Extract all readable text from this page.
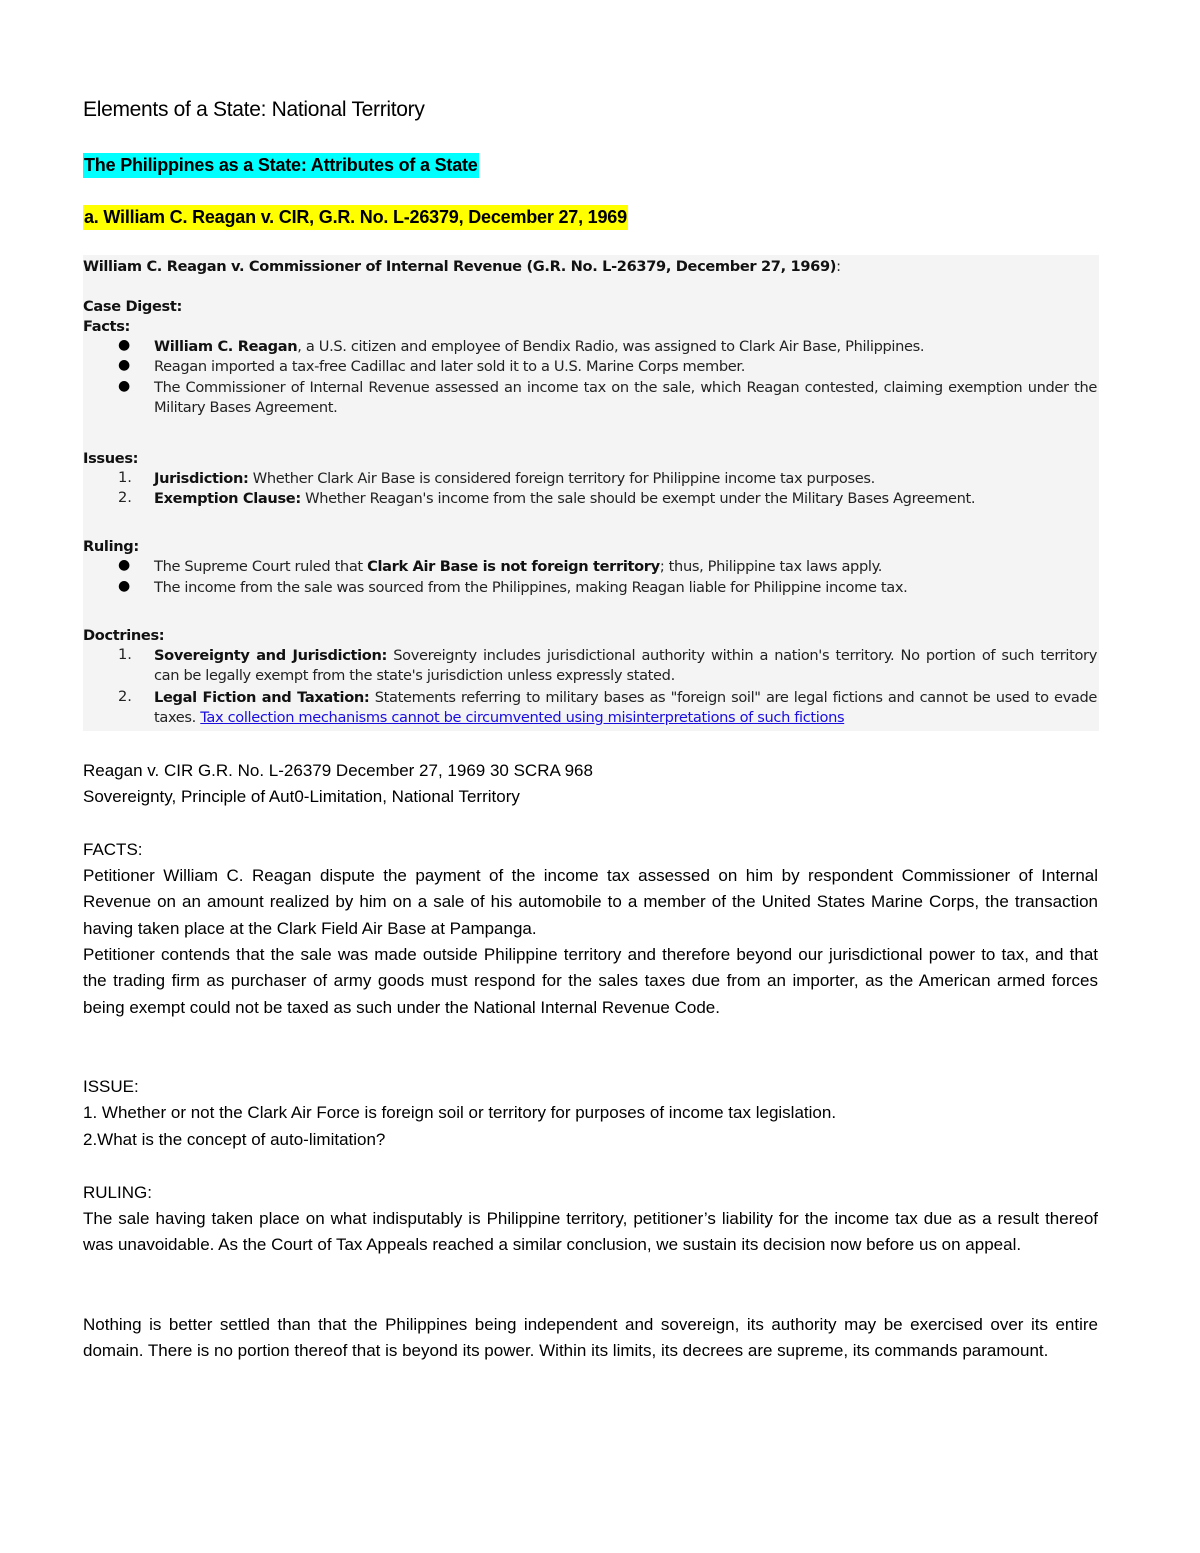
Elements of a State: National Territory
The Philippines as a State: Attributes of a State
a. William C. Reagan v. CIR, G.R. No. L-26379, December 27, 1969
William C. Reagan v. Commissioner of Internal Revenue (G.R. No. L-26379, December 27, 1969):
Case Digest:
Facts:
● William C. Reagan, a U.S. citizen and employee of Bendix Radio, was assigned to Clark Air Base, Philippines.
● Reagan imported a tax-free Cadillac and later sold it to a U.S. Marine Corps member.
● The Commissioner of Internal Revenue assessed an income tax on the sale, which Reagan contested, claiming exemption under the Military Bases Agreement.
Issues:
1. Jurisdiction: Whether Clark Air Base is considered foreign territory for Philippine income tax purposes.
2. Exemption Clause: Whether Reagan's income from the sale should be exempt under the Military Bases Agreement.
Ruling:
● The Supreme Court ruled that Clark Air Base is not foreign territory; thus, Philippine tax laws apply.
● The income from the sale was sourced from the Philippines, making Reagan liable for Philippine income tax.
Doctrines:
1. Sovereignty and Jurisdiction: Sovereignty includes jurisdictional authority within a nation's territory. No portion of such territory can be legally exempt from the state's jurisdiction unless expressly stated.
2. Legal Fiction and Taxation: Statements referring to military bases as "foreign soil" are legal fictions and cannot be used to evade taxes. Tax collection mechanisms cannot be circumvented using misinterpretations of such fictions
Reagan v. CIR G.R. No. L-26379 December 27, 1969 30 SCRA 968
Sovereignty, Principle of Aut0-Limitation, National Territory
FACTS:
Petitioner William C. Reagan dispute the payment of the income tax assessed on him by respondent Commissioner of Internal Revenue on an amount realized by him on a sale of his automobile to a member of the United States Marine Corps, the transaction having taken place at the Clark Field Air Base at Pampanga.
Petitioner contends that the sale was made outside Philippine territory and therefore beyond our jurisdictional power to tax, and that the trading firm as purchaser of army goods must respond for the sales taxes due from an importer, as the American armed forces being exempt could not be taxed as such under the National Internal Revenue Code.
ISSUE:
1. Whether or not the Clark Air Force is foreign soil or territory for purposes of income tax legislation.
2.What is the concept of auto-limitation?
RULING:
The sale having taken place on what indisputably is Philippine territory, petitioner’s liability for the income tax due as a result thereof was unavoidable. As the Court of Tax Appeals reached a similar conclusion, we sustain its decision now before us on appeal.
Nothing is better settled than that the Philippines being independent and sovereign, its authority may be exercised over its entire domain. There is no portion thereof that is beyond its power. Within its limits, its decrees are supreme, its commands paramount.
